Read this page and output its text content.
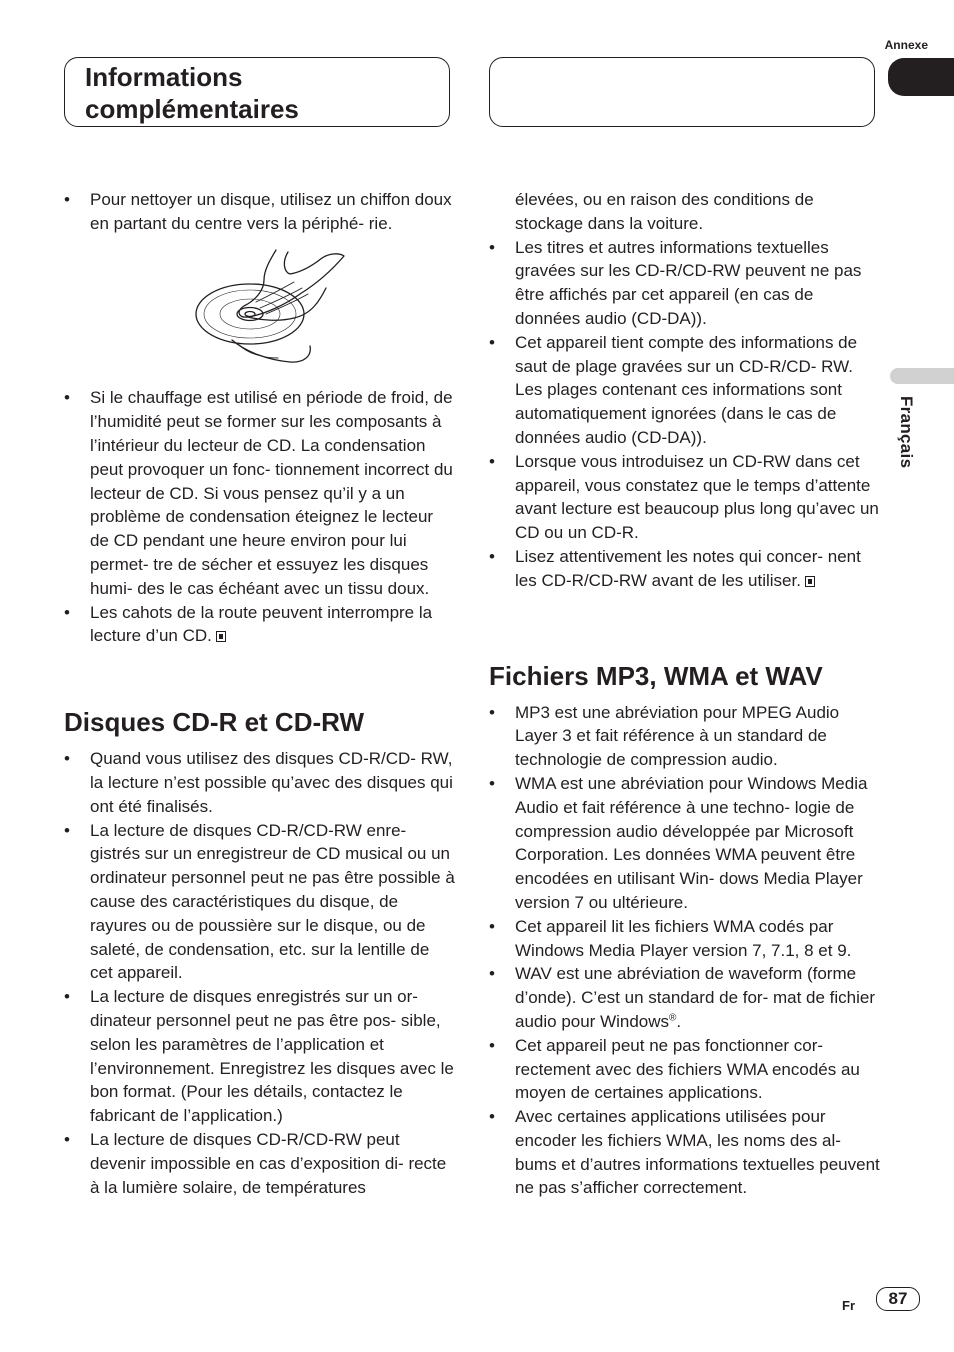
Annexe
Français
Informations
complémentaires
• Pour nettoyer un disque, utilisez un chiffon doux en partant du centre vers la périphé- rie.
• Si le chauffage est utilisé en période de froid, de l’humidité peut se former sur les composants à l’intérieur du lecteur de CD. La condensation peut provoquer un fonc- tionnement incorrect du lecteur de CD. Si vous pensez qu’il y a un problème de condensation éteignez le lecteur de CD pendant une heure environ pour lui permet- tre de sécher et essuyez les disques humi- des le cas échéant avec un tissu doux.
• Les cahots de la route peuvent interrompre la lecture d’un CD.
Disques CD-R et CD-RW
• Quand vous utilisez des disques CD-R/CD- RW, la lecture n’est possible qu’avec des disques qui ont été finalisés.
• La lecture de disques CD-R/CD-RW enre- gistrés sur un enregistreur de CD musical ou un ordinateur personnel peut ne pas être possible à cause des caractéristiques du disque, de rayures ou de poussière sur le disque, ou de saleté, de condensation, etc. sur la lentille de cet appareil.
• La lecture de disques enregistrés sur un or- dinateur personnel peut ne pas être pos- sible, selon les paramètres de l’application et l’environnement. Enregistrez les disques avec le bon format. (Pour les détails, contactez le fabricant de l’application.)
• La lecture de disques CD-R/CD-RW peut devenir impossible en cas d’exposition di- recte à la lumière solaire, de températures
élevées, ou en raison des conditions de stockage dans la voiture.
• Les titres et autres informations textuelles gravées sur les CD-R/CD-RW peuvent ne pas être affichés par cet appareil (en cas de données audio (CD-DA)).
• Cet appareil tient compte des informations de saut de plage gravées sur un CD-R/CD- RW. Les plages contenant ces informations sont automatiquement ignorées (dans le cas de données audio (CD-DA)).
• Lorsque vous introduisez un CD-RW dans cet appareil, vous constatez que le temps d’attente avant lecture est beaucoup plus long qu’avec un CD ou un CD-R.
• Lisez attentivement les notes qui concer- nent les CD-R/CD-RW avant de les utiliser.
Fichiers MP3, WMA et WAV
• MP3 est une abréviation pour MPEG Audio Layer 3 et fait référence à un standard de technologie de compression audio.
• WMA est une abréviation pour Windows Media Audio et fait référence à une techno- logie de compression audio développée par Microsoft Corporation. Les données WMA peuvent être encodées en utilisant Win- dows Media Player version 7 ou ultérieure.
• Cet appareil lit les fichiers WMA codés par Windows Media Player version 7, 7.1, 8 et 9.
• WAV est une abréviation de waveform (forme d’onde). C’est un standard de for- mat de fichier audio pour Windows®.
• Cet appareil peut ne pas fonctionner cor- rectement avec des fichiers WMA encodés au moyen de certaines applications.
• Avec certaines applications utilisées pour encoder les fichiers WMA, les noms des al- bums et d’autres informations textuelles peuvent ne pas s’afficher correctement.
Fr	87
